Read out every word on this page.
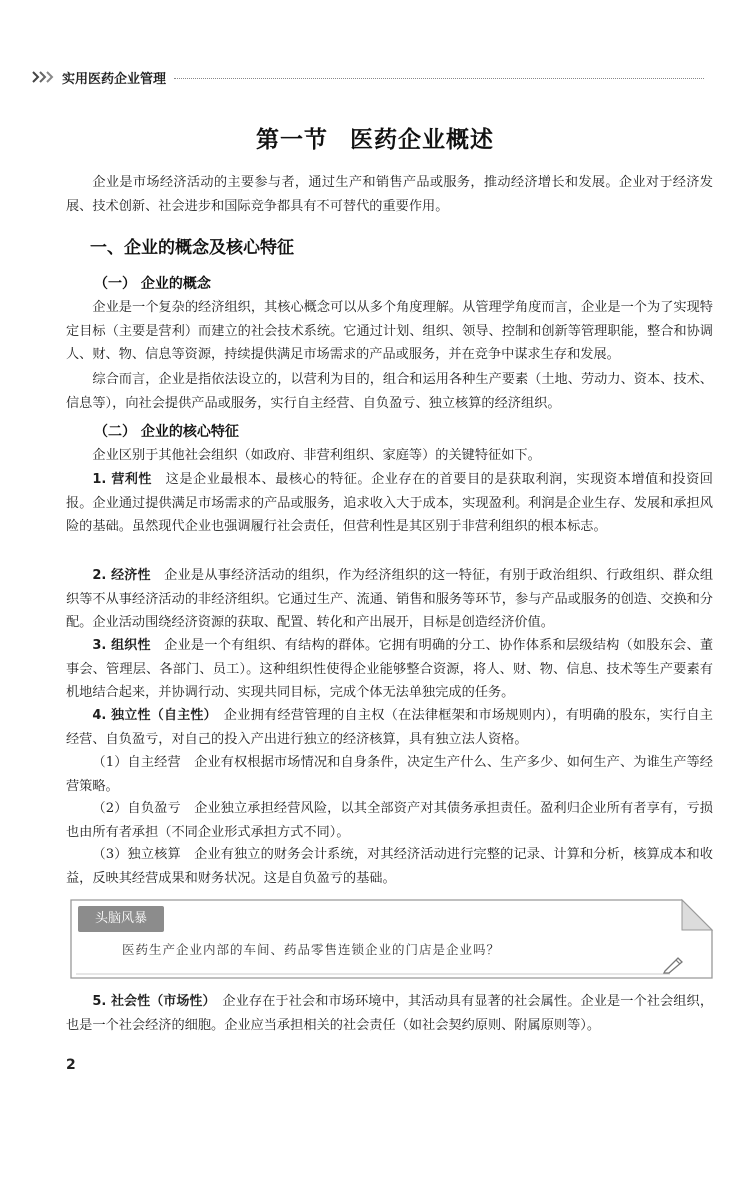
实用医药企业管理
第一节 医药企业概述

企业是市场经济活动的主要参与者，通过生产和销售产品或服务，推动经济增长和发展。企业对于经济发展、技术创新、社会进步和国际竞争都具有不可替代的重要作用。

一、企业的概念及核心特征
（一） 企业的概念

企业是一个复杂的经济组织，其核心概念可以从多个角度理解。从管理学角度而言，企业是一个为了实现特定目标（主要是营利）而建立的社会技术系统。它通过计划、组织、领导、控制和创新等管理职能，整合和协调人、财、物、信息等资源，持续提供满足市场需求的产品或服务，并在竞争中谋求生存和发展。

综合而言，企业是指依法设立的，以营利为目的，组合和运用各种生产要素（土地、劳动力、资本、技术、信息等），向社会提供产品或服务，实行自主经营、自负盈亏、独立核算的经济组织。

（二） 企业的核心特征

企业区别于其他社会组织（如政府、非营利组织、家庭等）的关键特征如下。

1. 营利性　 这是企业最根本、最核心的特征。企业存在的首要目的是获取利润，实现资本增值和投资回报。企业通过提供满足市场需求的产品或服务，追求收入大于成本，实现盈利。利润是企业生存、发展和承担风险的基础。虽然现代企业也强调履行社会责任，但营利性是其区别于非营利组织的根本标志。

2. 经济性　 企业是从事经济活动的组织，作为经济组织的这一特征，有别于政治组织、行政组织、群众组织等不从事经济活动的非经济组织。它通过生产、流通、销售和服务等环节，参与产品或服务的创造、交换和分配。企业活动围绕经济资源的获取、配置、转化和产出展开，目标是创造经济价值。

3. 组织性　 企业是一个有组织、有结构的群体。它拥有明确的分工、协作体系和层级结构（如股东会、董事会、管理层、各部门、员工）。这种组织性使得企业能够整合资源，将人、财、物、信息、技术等生产要素有机地结合起来，并协调行动、实现共同目标，完成个体无法单独完成的任务。

4. 独立性（自主性）　 企业拥有经营管理的自主权（在法律框架和市场规则内），有明确的股东，实行自主经营、自负盈亏，对自己的投入产出进行独立的经济核算，具有独立法人资格。

（1）自主经营　企业有权根据市场情况和自身条件，决定生产什么、生产多少、如何生产、为谁生产等经营策略。

（2）自负盈亏　企业独立承担经营风险，以其全部资产对其债务承担责任。盈利归企业所有者享有，亏损也由所有者承担（不同企业形式承担方式不同）。

（3）独立核算　企业有独立的财务会计系统，对其经济活动进行完整的记录、计算和分析，核算成本和收益，反映其经营成果和财务状况。这是自负盈亏的基础。

头脑风暴
医药生产企业内部的车间、药品零售连锁企业的门店是企业吗？

5. 社会性（市场性）　 企业存在于社会和市场环境中，其活动具有显著的社会属性。企业是一个社会组织，也是一个社会经济的细胞。企业应当承担相关的社会责任（如社会契约原则、附属原则等）。

2
